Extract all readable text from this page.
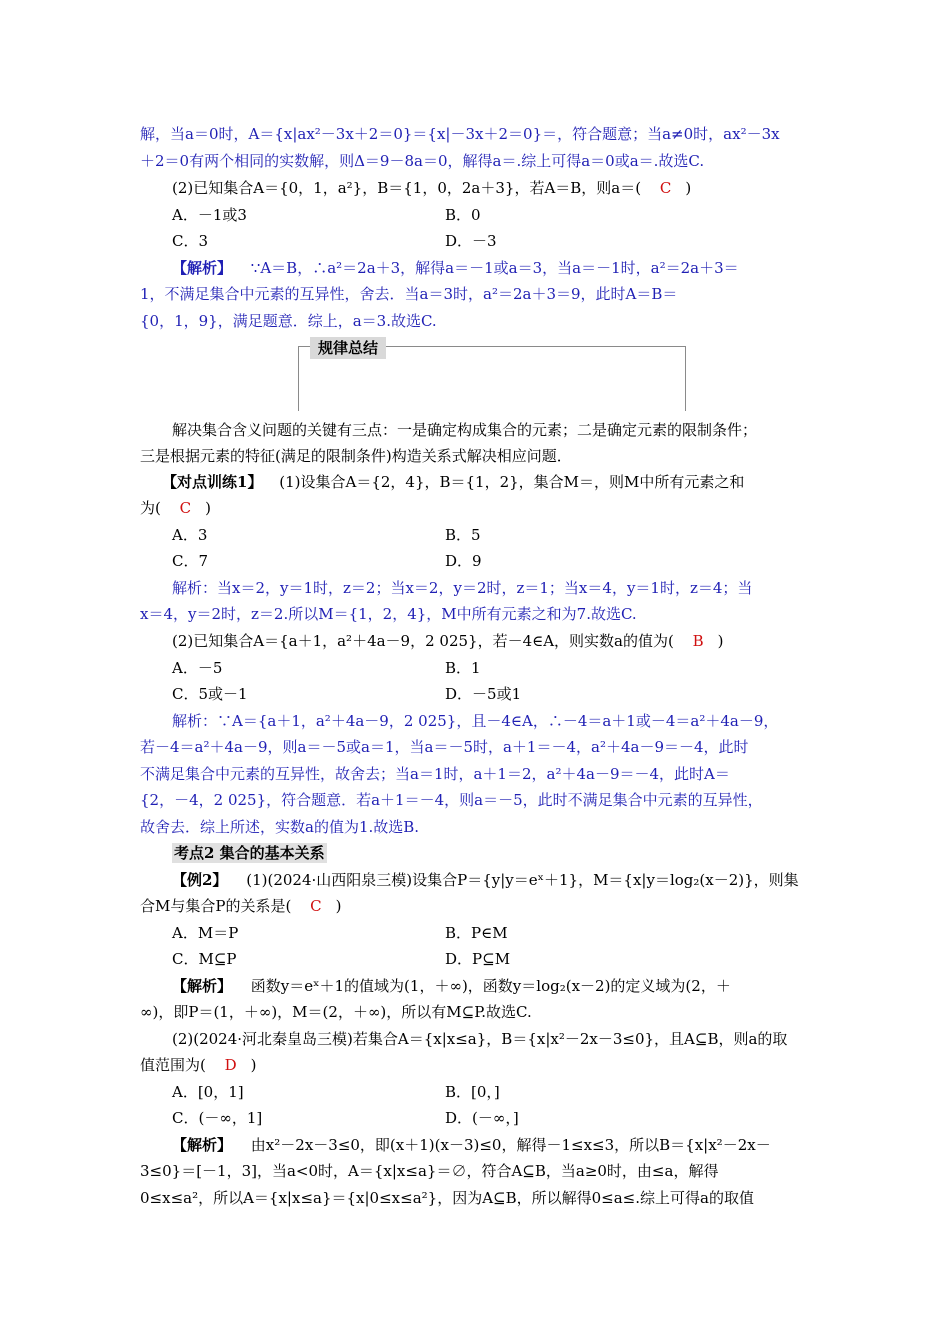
解，当a＝0时，A＝{x|ax²－3x＋2＝0}＝{x|－3x＋2＝0}＝，符合题意；当a≠0时，ax²－3x
＋2＝0有两个相同的实数解，则Δ＝9－8a＝0，解得a＝.综上可得a＝0或a＝.故选C.
(2)已知集合A＝{0，1，a²}，B＝{1，0，2a＋3}，若A＝B，则a＝( C )
A．－1或3	B．0
C．3	D．－3
【解析】 ∵A＝B，∴a²＝2a＋3，解得a＝－1或a＝3，当a＝－1时，a²＝2a＋3＝
1，不满足集合中元素的互异性，舍去．当a＝3时，a²＝2a＋3＝9，此时A＝B＝
{0，1，9}，满足题意．综上，a＝3.故选C.
规律总结
解决集合含义问题的关键有三点：一是确定构成集合的元素；二是确定元素的限制条件；
三是根据元素的特征(满足的限制条件)构造关系式解决相应问题．
【对点训练1】 (1)设集合A＝{2，4}，B＝{1，2}，集合M＝，则M中所有元素之和
为( C )
A．3	B．5
C．7	D．9
解析：当x＝2，y＝1时，z＝2；当x＝2，y＝2时，z＝1；当x＝4，y＝1时，z＝4；当
x＝4，y＝2时，z＝2.所以M＝{1，2，4}，M中所有元素之和为7.故选C.
(2)已知集合A＝{a＋1，a²＋4a－9，2 025}，若－4∈A，则实数a的值为( B )
A．－5	B．1
C．5或－1	D．－5或1
解析：∵A＝{a＋1，a²＋4a－9，2 025}，且－4∈A，∴－4＝a＋1或－4＝a²＋4a－9，
若－4＝a²＋4a－9，则a＝－5或a＝1，当a＝－5时，a＋1＝－4，a²＋4a－9＝－4，此时
不满足集合中元素的互异性，故舍去；当a＝1时，a＋1＝2，a²＋4a－9＝－4，此时A＝
{2，－4，2 025}，符合题意．若a＋1＝－4，则a＝－5，此时不满足集合中元素的互异性，
故舍去．综上所述，实数a的值为1.故选B.
考点2 集合的基本关系
【例2】 (1)(2024·山西阳泉三模)设集合P＝{y|y＝eˣ＋1}，M＝{x|y＝log₂(x－2)}，则集
合M与集合P的关系是( C )
A．M＝P	B．P∈M
C．M⊆P	D．P⊆M
【解析】 函数y＝eˣ＋1的值域为(1，＋∞)，函数y＝log₂(x－2)的定义域为(2，＋
∞)，即P＝(1，＋∞)，M＝(2，＋∞)，所以有M⊆P.故选C.
(2)(2024·河北秦皇岛三模)若集合A＝{x|x≤a}，B＝{x|x²－2x－3≤0}，且A⊆B，则a的取
值范围为( D )
A．[0，1]	B．[0，]
C．(－∞，1]	D．(－∞，]
【解析】 由x²－2x－3≤0，即(x＋1)(x－3)≤0，解得－1≤x≤3，所以B＝{x|x²－2x－
3≤0}＝[－1，3]，当a<0时，A＝{x|x≤a}＝∅，符合A⊆B，当a≥0时，由≤a，解得
0≤x≤a²，所以A＝{x|x≤a}＝{x|0≤x≤a²}，因为A⊆B，所以解得0≤a≤.综上可得a的取值
